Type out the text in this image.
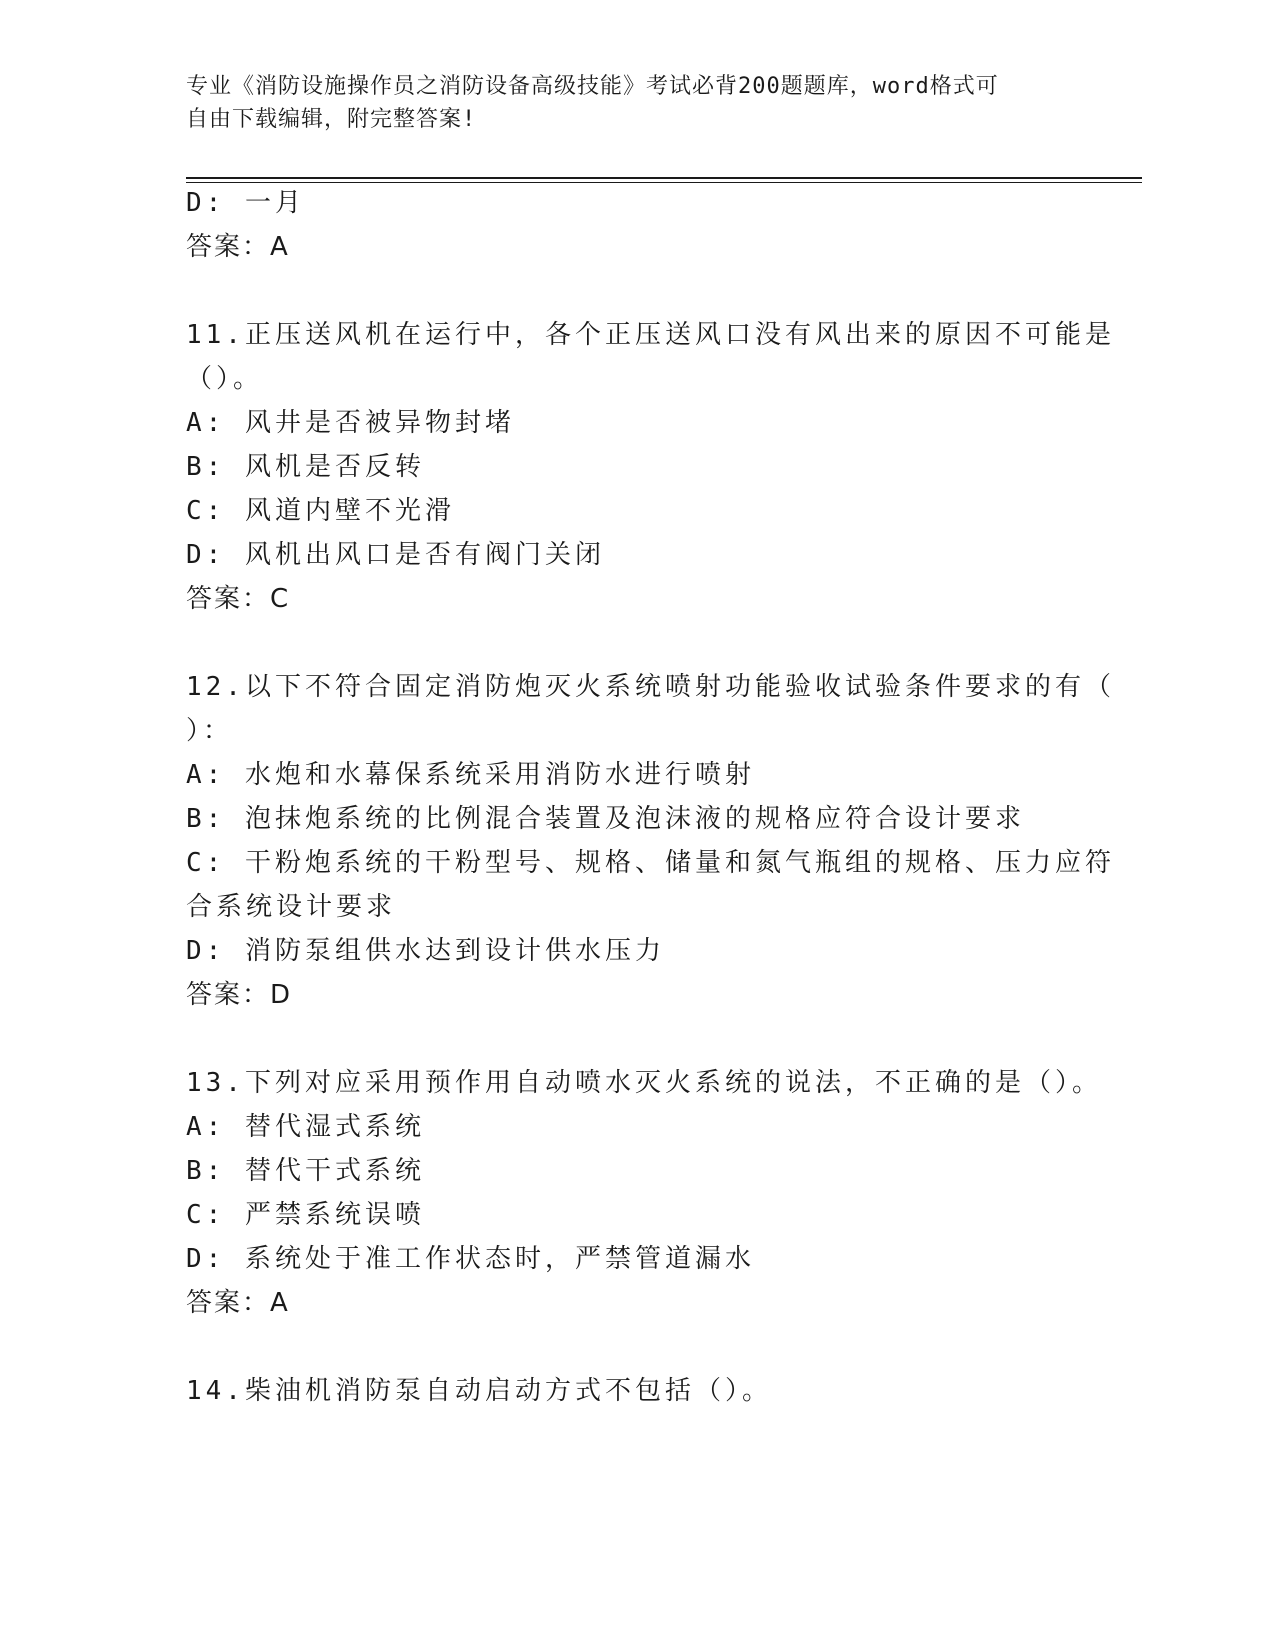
专业《消防设施操作员之消防设备高级技能》考试必背200题题库，word格式可
自由下载编辑，附完整答案!
D: 一月
答案：A
11.正压送风机在运行中，各个正压送风口没有风出来的原因不可能是
（）。
A: 风井是否被异物封堵
B: 风机是否反转
C: 风道内壁不光滑
D: 风机出风口是否有阀门关闭
答案：C
12.以下不符合固定消防炮灭火系统喷射功能验收试验条件要求的有（
）：
A: 水炮和水幕保系统采用消防水进行喷射
B: 泡抹炮系统的比例混合装置及泡沫液的规格应符合设计要求
C: 干粉炮系统的干粉型号、规格、储量和氮气瓶组的规格、压力应符
合系统设计要求
D: 消防泵组供水达到设计供水压力
答案：D
13.下列对应采用预作用自动喷水灭火系统的说法，不正确的是（）。
A: 替代湿式系统
B: 替代干式系统
C: 严禁系统误喷
D: 系统处于准工作状态时，严禁管道漏水
答案：A
14.柴油机消防泵自动启动方式不包括（）。
